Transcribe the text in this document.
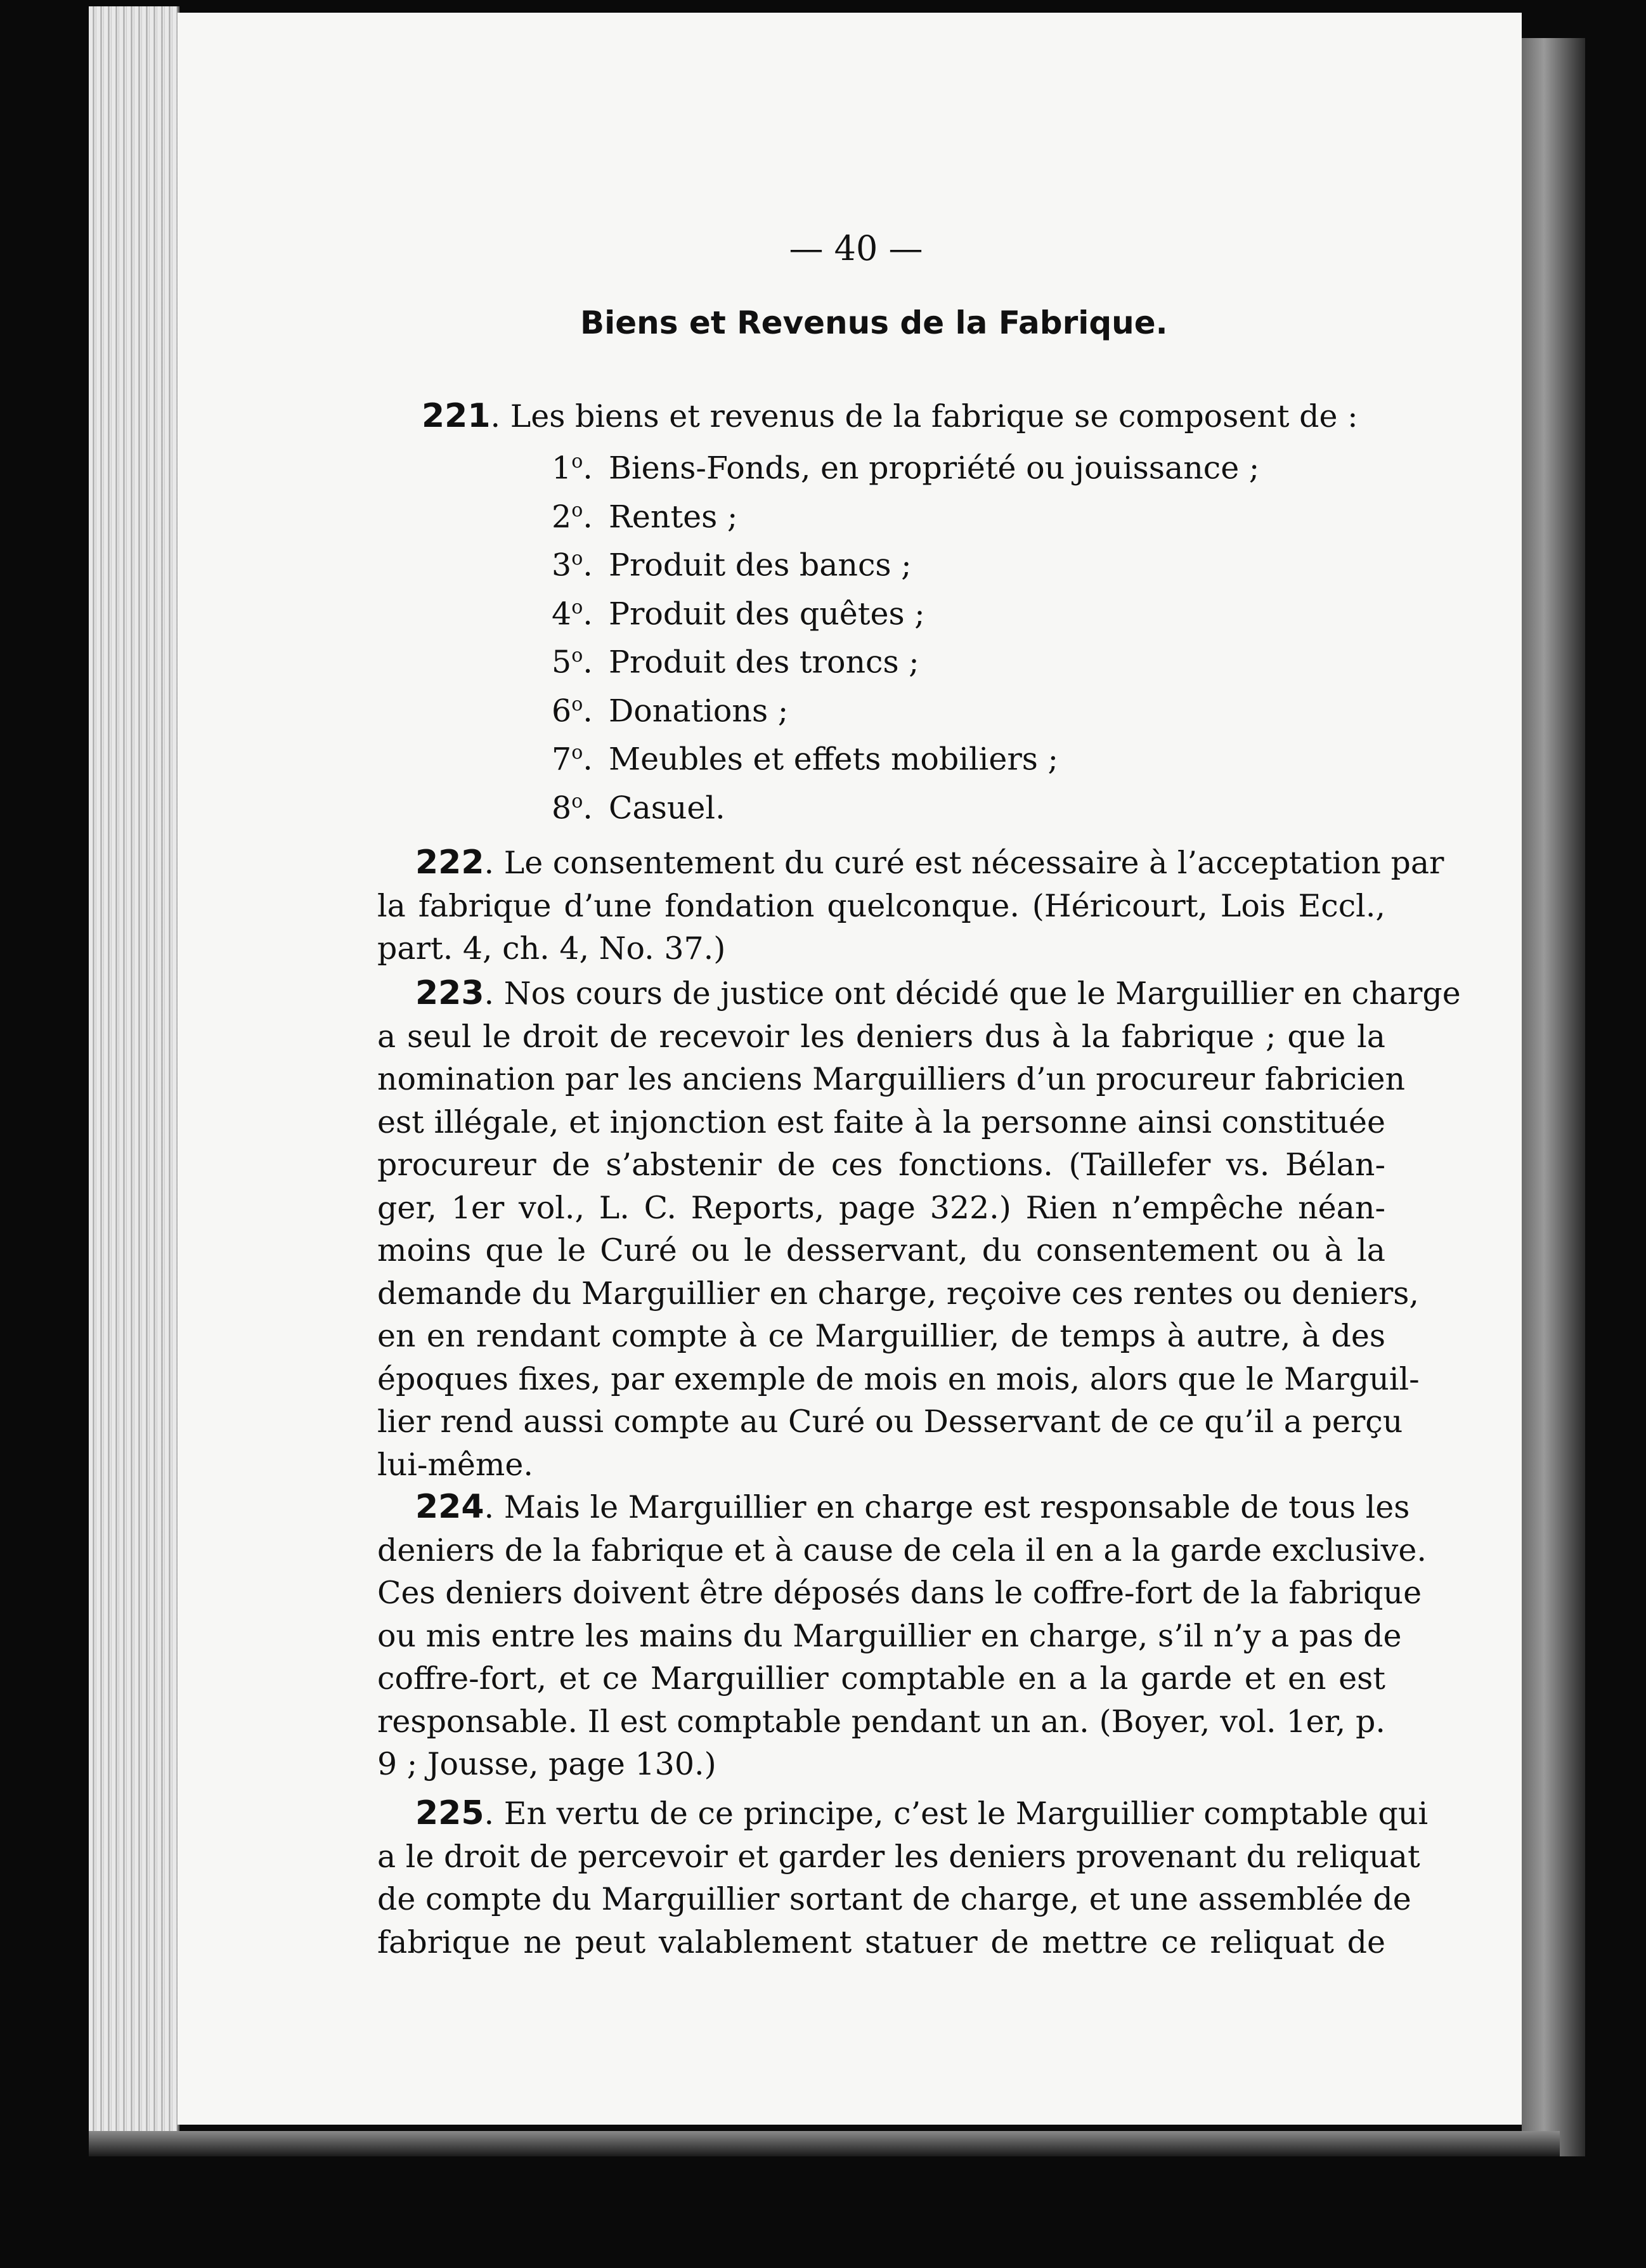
— 40 —
Biens et Revenus de la Fabrique.
221. Les biens et revenus de la fabrique se composent de :
1$^o$. Biens-Fonds, en propriété ou jouissance ;
2$^o$. Rentes ;
3$^o$. Produit des bancs ;
4$^o$. Produit des quêtes ;
5$^o$. Produit des troncs ;
6$^o$. Donations ;
7$^o$. Meubles et effets mobiliers ;
8$^o$. Casuel.
222. Le consentement du curé est nécessaire à l’acceptation par
la fabrique d’une fondation quelconque. (Héricourt, Lois Eccl.,
part. 4, ch. 4, No. 37.)
223. Nos cours de justice ont décidé que le Marguillier en charge
a seul le droit de recevoir les deniers dus à la fabrique ; que la
nomination par les anciens Marguilliers d’un procureur fabricien
est illégale, et injonction est faite à la personne ainsi constituée
procureur de s’abstenir de ces fonctions. (Taillefer vs. Bélan-
ger, 1er vol., L. C. Reports, page 322.) Rien n’empêche néan-
moins que le Curé ou le desservant, du consentement ou à la
demande du Marguillier en charge, reçoive ces rentes ou deniers,
en en rendant compte à ce Marguillier, de temps à autre, à des
époques fixes, par exemple de mois en mois, alors que le Marguil-
lier rend aussi compte au Curé ou Desservant de ce qu’il a perçu
lui-même.
224. Mais le Marguillier en charge est responsable de tous les
deniers de la fabrique et à cause de cela il en a la garde exclusive.
Ces deniers doivent être déposés dans le coffre-fort de la fabrique
ou mis entre les mains du Marguillier en charge, s’il n’y a pas de
coffre-fort, et ce Marguillier comptable en a la garde et en est
responsable. Il est comptable pendant un an. (Boyer, vol. 1er, p.
9 ; Jousse, page 130.)
225. En vertu de ce principe, c’est le Marguillier comptable qui
a le droit de percevoir et garder les deniers provenant du reliquat
de compte du Marguillier sortant de charge, et une assemblée de
fabrique ne peut valablement statuer de mettre ce reliquat de
